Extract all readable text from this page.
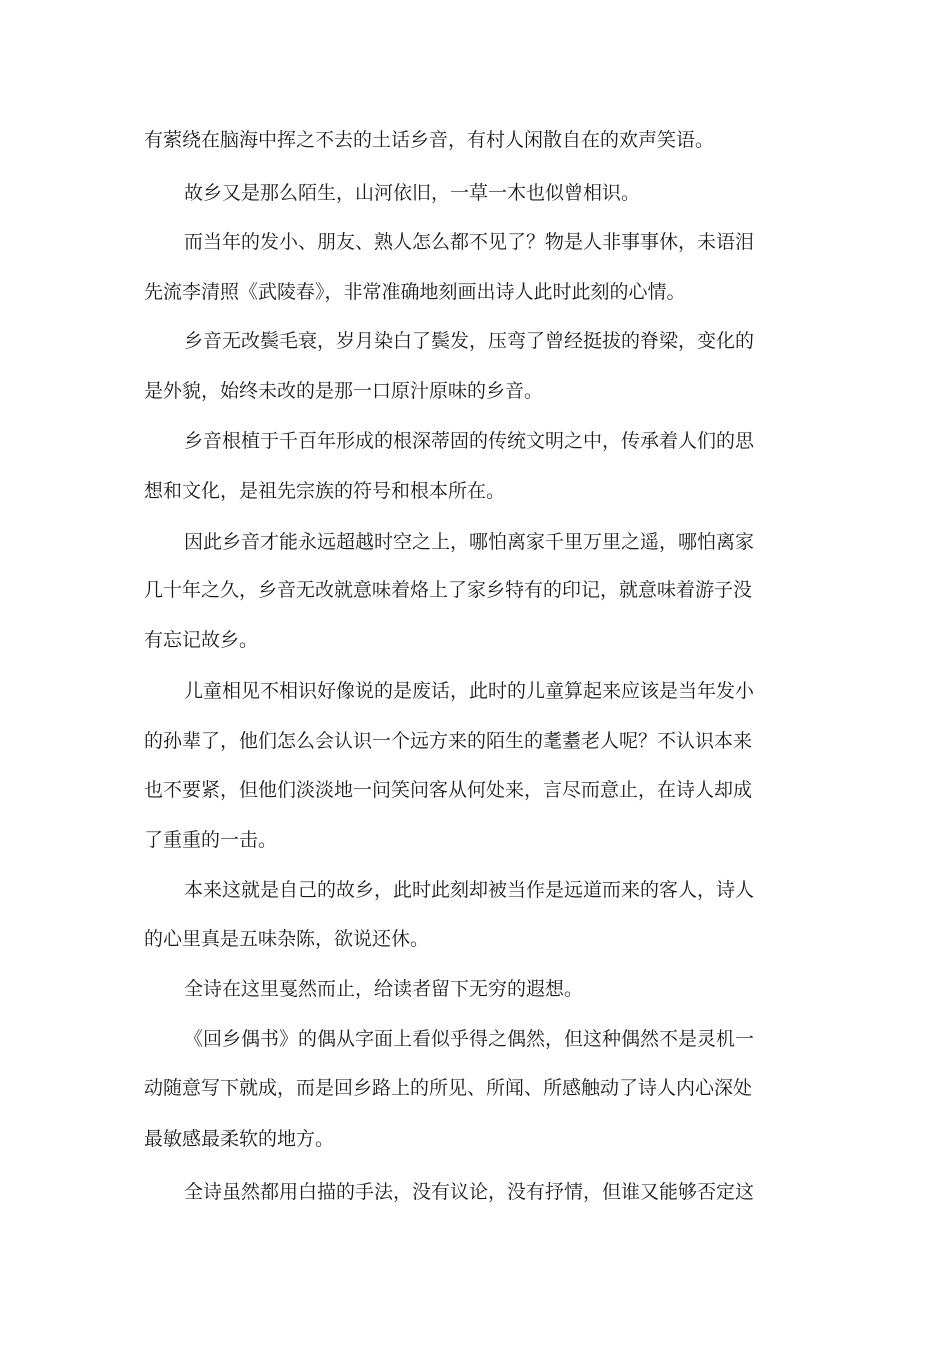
有萦绕在脑海中挥之不去的土话乡音，有村人闲散自在的欢声笑语。
故乡又是那么陌生，山河依旧，一草一木也似曾相识。
而当年的发小、朋友、熟人怎么都不见了？物是人非事事休，未语泪
先流李清照《武陵春》，非常准确地刻画出诗人此时此刻的心情。
乡音无改鬓毛衰，岁月染白了鬓发，压弯了曾经挺拔的脊梁，变化的
是外貌，始终未改的是那一口原汁原味的乡音。
乡音根植于千百年形成的根深蒂固的传统文明之中，传承着人们的思
想和文化，是祖先宗族的符号和根本所在。
因此乡音才能永远超越时空之上，哪怕离家千里万里之遥，哪怕离家
几十年之久，乡音无改就意味着烙上了家乡特有的印记，就意味着游子没
有忘记故乡。
儿童相见不相识好像说的是废话，此时的儿童算起来应该是当年发小
的孙辈了，他们怎么会认识一个远方来的陌生的耄耋老人呢？不认识本来
也不要紧，但他们淡淡地一问笑问客从何处来，言尽而意止，在诗人却成
了重重的一击。
本来这就是自己的故乡，此时此刻却被当作是远道而来的客人，诗人
的心里真是五味杂陈，欲说还休。
全诗在这里戛然而止，给读者留下无穷的遐想。
《回乡偶书》的偶从字面上看似乎得之偶然，但这种偶然不是灵机一
动随意写下就成，而是回乡路上的所见、所闻、所感触动了诗人内心深处
最敏感最柔软的地方。
全诗虽然都用白描的手法，没有议论，没有抒情，但谁又能够否定这
